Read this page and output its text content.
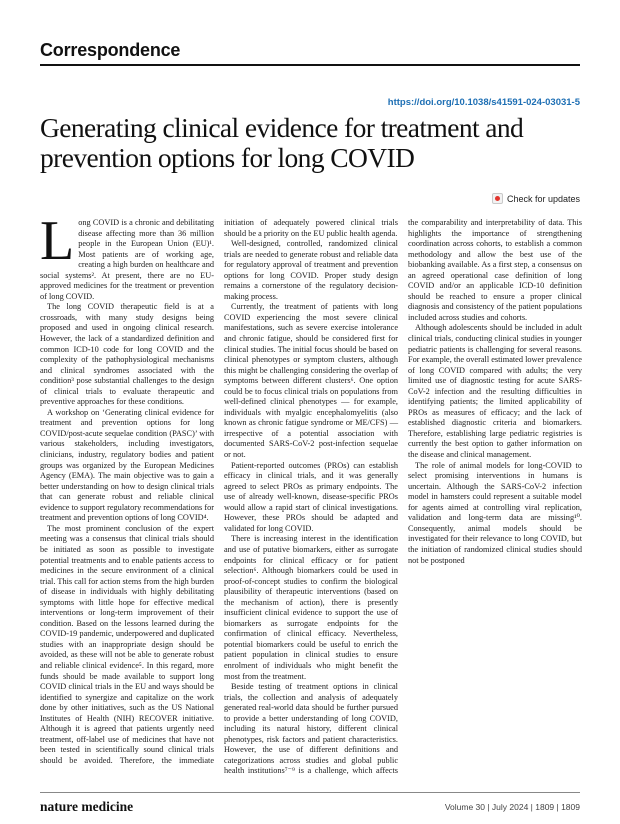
Correspondence
https://doi.org/10.1038/s41591-024-03031-5
Generating clinical evidence for treatment and prevention options for long COVID
Check for updates

Long COVID is a chronic and debilitating disease affecting more than 36 million people in the European Union (EU)¹. Most patients are of working age, creating a high burden on healthcare and social systems². At present, there are no EU-approved medicines for the treatment or prevention of long COVID.

The long COVID therapeutic field is at a crossroads, with many study designs being proposed and used in ongoing clinical research. However, the lack of a standardized definition and common ICD-10 code for long COVID and the complexity of the pathophysiological mechanisms and clinical syndromes associated with the condition³ pose substantial challenges to the design of clinical trials to evaluate therapeutic and preventive approaches for these conditions.

A workshop on ‘Generating clinical evidence for treatment and prevention options for long COVID/post-acute sequelae condition (PASC)’ with various stakeholders, including investigators, clinicians, industry, regulatory bodies and patient groups was organized by the European Medicines Agency (EMA). The main objective was to gain a better understanding on how to design clinical trials that can generate robust and reliable clinical evidence to support regulatory recommendations for treatment and prevention options of long COVID⁴.

The most prominent conclusion of the expert meeting was a consensus that clinical trials should be initiated as soon as possible to investigate potential treatments and to enable patients access to medicines in the secure environment of a clinical trial. This call for action stems from the high burden of disease in individuals with highly debilitating symptoms with little hope for effective medical interventions or long-term improvement of their condition. Based on the lessons learned during the COVID-19 pandemic, underpowered and duplicated studies with an inappropriate design should be avoided, as these will not be able to generate robust and reliable clinical evidence⁵. In this regard, more funds should be made available to support long COVID clinical trials in the EU and ways should be identified to synergize and capitalize on the work done by other initiatives, such as the US National Institutes of Health (NIH) RECOVER initiative. Although it is agreed that patients urgently need treatment, off-label use of medicines that have not been tested in scientifically sound clinical trials should be avoided. Therefore, the immediate initiation of adequately powered clinical trials should be a priority on the EU public health agenda.

Well-designed, controlled, randomized clinical trials are needed to generate robust and reliable data for regulatory approval of treatment and prevention options for long COVID. Proper study design remains a cornerstone of the regulatory decision-making process.

Currently, the treatment of patients with long COVID experiencing the most severe clinical manifestations, such as severe exercise intolerance and chronic fatigue, should be considered first for clinical studies. The initial focus should be based on clinical phenotypes or symptom clusters, although this might be challenging considering the overlap of symptoms between different clusters⁶. One option could be to focus clinical trials on populations from well-defined clinical phenotypes — for example, individuals with myalgic encephalomyelitis (also known as chronic fatigue syndrome or ME/CFS) — irrespective of a potential association with documented SARS-CoV-2 post-infection sequelae or not.

Patient-reported outcomes (PROs) can establish efficacy in clinical trials, and it was generally agreed to select PROs as primary endpoints. The use of already well-known, disease-specific PROs would allow a rapid start of clinical investigations. However, these PROs should be adapted and validated for long COVID.

There is increasing interest in the identification and use of putative biomarkers, either as surrogate endpoints for clinical efficacy or for patient selection⁶. Although biomarkers could be used in proof-of-concept studies to confirm the biological plausibility of therapeutic interventions (based on the mechanism of action), there is presently insufficient clinical evidence to support the use of biomarkers as surrogate endpoints for the confirmation of clinical efficacy. Nevertheless, potential biomarkers could be useful to enrich the patient population in clinical studies to ensure enrolment of individuals who might benefit the most from the treatment.

Beside testing of treatment options in clinical trials, the collection and analysis of adequately generated real-world data should be further pursued to provide a better understanding of long COVID, including its natural history, different clinical phenotypes, risk factors and patient characteristics. However, the use of different definitions and categorizations across studies and global public health institutions⁷⁻⁹ is a challenge, which affects the comparability and interpretability of data. This highlights the importance of strengthening coordination across cohorts, to establish a common methodology and allow the best use of the biobanking available. As a first step, a consensus on an agreed operational case definition of long COVID and/or an applicable ICD-10 definition should be reached to ensure a proper clinical diagnosis and consistency of the patient populations included across studies and cohorts.

Although adolescents should be included in adult clinical trials, conducting clinical studies in younger pediatric patients is challenging for several reasons. For example, the overall estimated lower prevalence of long COVID compared with adults; the very limited use of diagnostic testing for acute SARS-CoV-2 infection and the resulting difficulties in identifying patients; the limited applicability of PROs as measures of efficacy; and the lack of established diagnostic criteria and biomarkers. Therefore, establishing large pediatric registries is currently the best option to gather information on the disease and clinical management.

The role of animal models for long-COVID to select promising interventions in humans is uncertain. Although the SARS-CoV-2 infection model in hamsters could represent a suitable model for agents aimed at controlling viral replication, validation and long-term data are missing¹⁰. Consequently, animal models should be investigated for their relevance to long COVID, but the initiation of randomized clinical studies should not be postponed

nature medicine	Volume 30 | July 2024 | 1809 | 1809
